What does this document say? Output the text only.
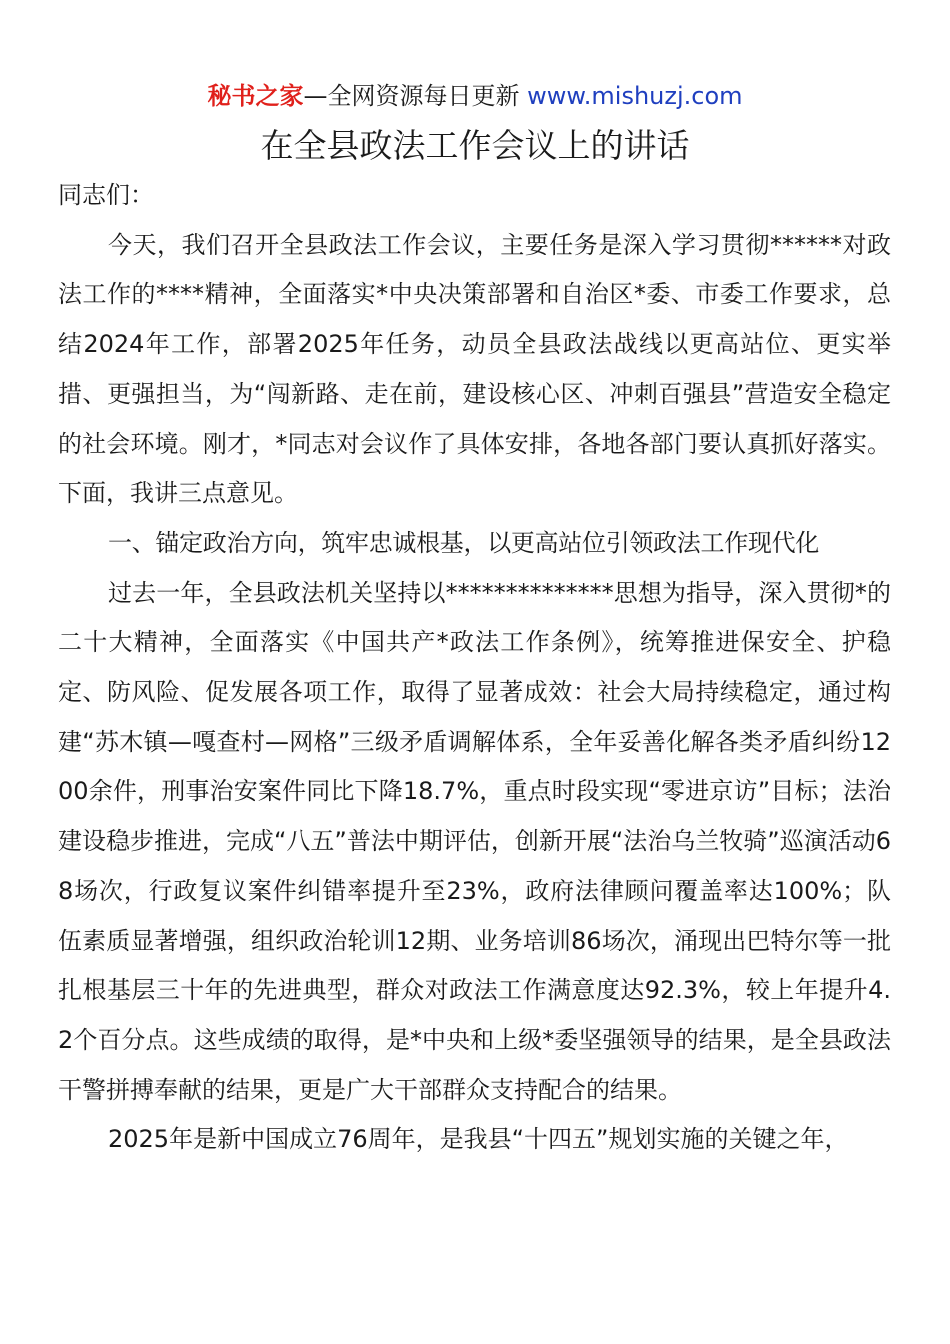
秘书之家—全网资源每日更新 www.mishuzj.com
在全县政法工作会议上的讲话

同志们：

今天，我们召开全县政法工作会议，主要任务是深入学习贯彻******对政法工作的****精神，全面落实*中央决策部署和自治区*委、市委工作要求，总结2024年工作，部署2025年任务，动员全县政法战线以更高站位、更实举措、更强担当，为“闯新路、走在前，建设核心区、冲刺百强县”营造安全稳定的社会环境。刚才，*同志对会议作了具体安排，各地各部门要认真抓好落实。下面，我讲三点意见。

一、锚定政治方向，筑牢忠诚根基，以更高站位引领政法工作现代化

过去一年，全县政法机关坚持以**************思想为指导，深入贯彻*的二十大精神，全面落实《中国共产*政法工作条例》，统筹推进保安全、护稳定、防风险、促发展各项工作，取得了显著成效：社会大局持续稳定，通过构建“苏木镇—嘎查村—网格”三级矛盾调解体系，全年妥善化解各类矛盾纠纷1200余件，刑事治安案件同比下降18.7%，重点时段实现“零进京访”目标；法治建设稳步推进，完成“八五”普法中期评估，创新开展“法治乌兰牧骑”巡演活动68场次，行政复议案件纠错率提升至23%，政府法律顾问覆盖率达100%；队伍素质显著增强，组织政治轮训12期、业务培训86场次，涌现出巴特尔等一批扎根基层三十年的先进典型，群众对政法工作满意度达92.3%，较上年提升4.2个百分点。这些成绩的取得，是*中央和上级*委坚强领导的结果，是全县政法干警拼搏奉献的结果，更是广大干部群众支持配合的结果。

2025年是新中国成立76周年，是我县“十四五”规划实施的关键之年，
